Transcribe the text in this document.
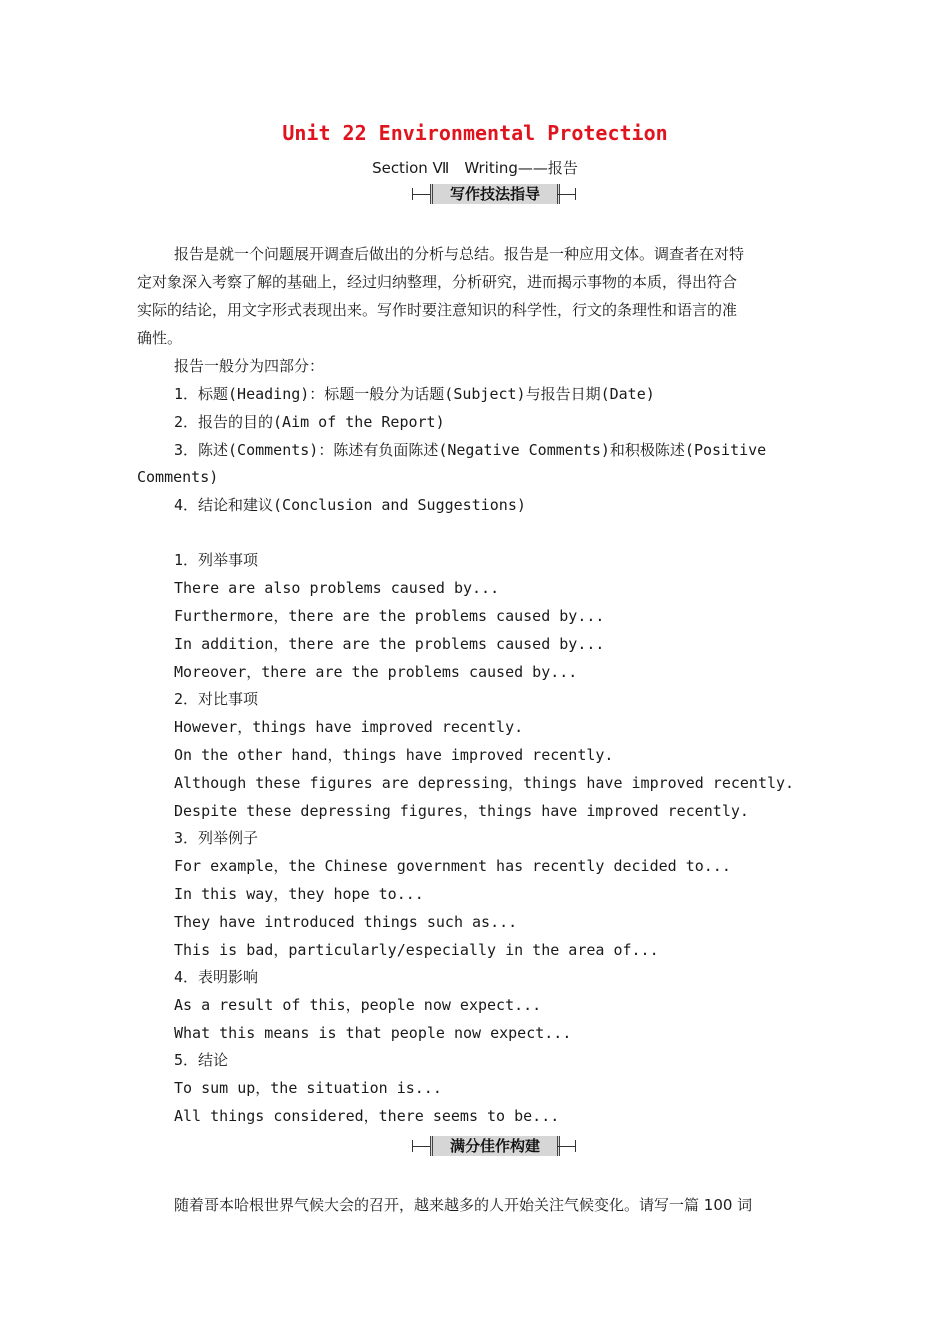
Unit 22 Environmental Protection
Section Ⅶ　Writing——报告
写作技法指导
报告是就一个问题展开调查后做出的分析与总结。报告是一种应用文体。调查者在对特
定对象深入考察了解的基础上，经过归纳整理，分析研究，进而揭示事物的本质，得出符合
实际的结论，用文字形式表现出来。写作时要注意知识的科学性，行文的条理性和语言的准
确性。
报告一般分为四部分：
1．标题(Heading)：标题一般分为话题(Subject)与报告日期(Date)
2．报告的目的(Aim of the Report)
3．陈述(Comments)：陈述有负面陈述(Negative Comments)和积极陈述(Positive
Comments)
4．结论和建议(Conclusion and Suggestions)
1．列举事项
There are also problems caused by...
Furthermore，there are the problems caused by...
In addition，there are the problems caused by...
Moreover，there are the problems caused by...
2．对比事项
However，things have improved recently.
On the other hand，things have improved recently.
Although these figures are depressing，things have improved recently.
Despite these depressing figures，things have improved recently.
3．列举例子
For example，the Chinese government has recently decided to...
In this way，they hope to...
They have introduced things such as...
This is bad，particularly/especially in the area of...
4．表明影响
As a result of this，people now expect...
What this means is that people now expect...
5．结论
To sum up，the situation is...
All things considered，there seems to be...
满分佳作构建
随着哥本哈根世界气候大会的召开，越来越多的人开始关注气候变化。请写一篇 100 词
